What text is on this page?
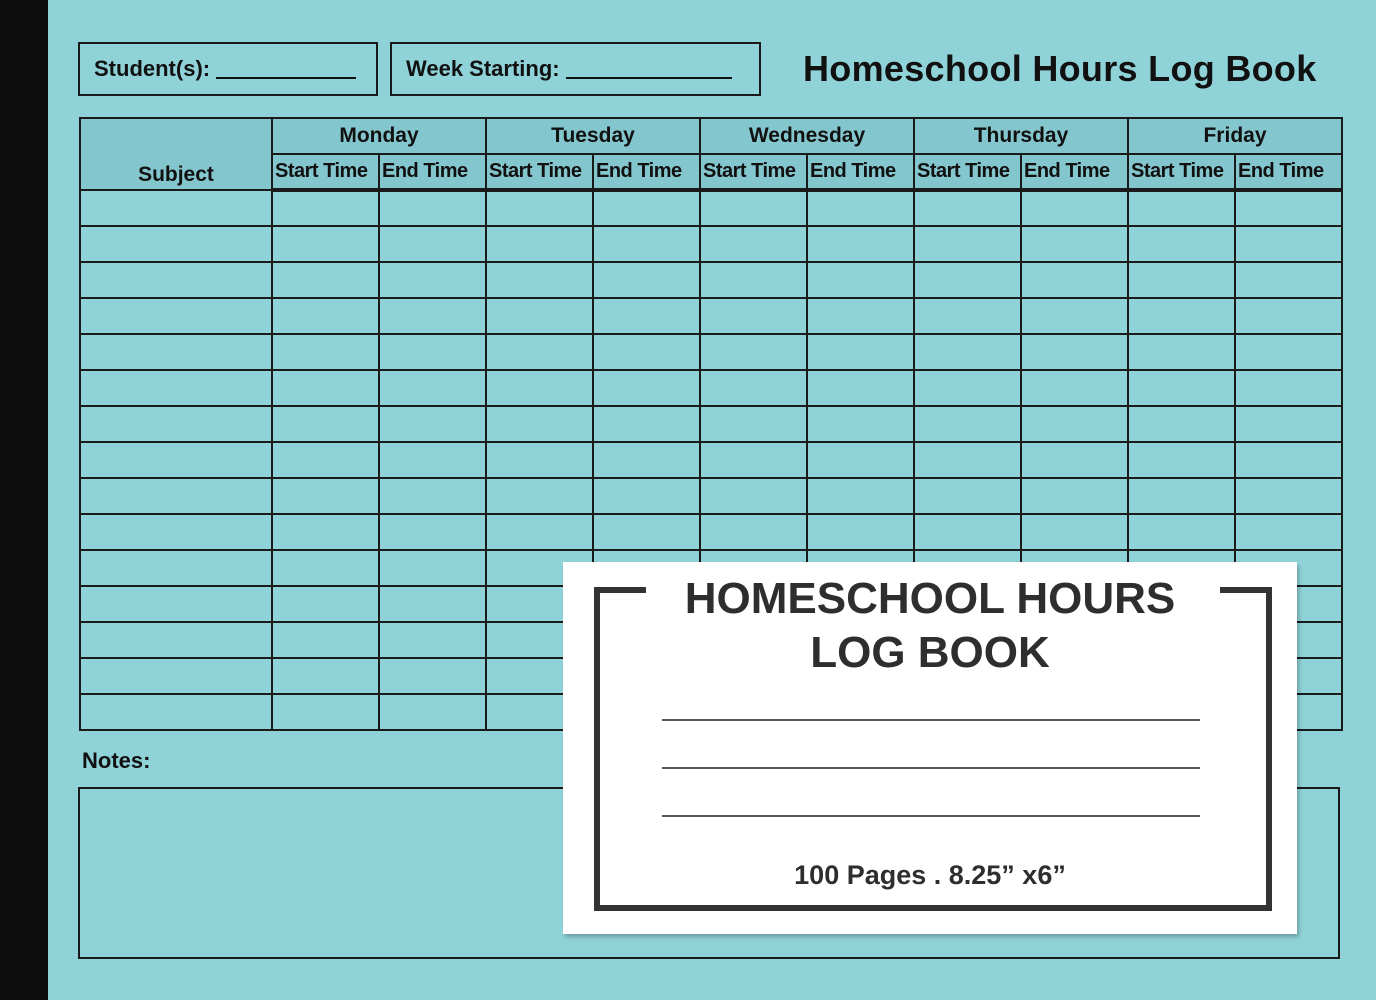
Student(s):	Week Starting:	Homeschool Hours Log Book
Subject	Monday		Tuesday		Wednesday		Thursday		Friday	
	Start Time	End Time	Start Time	End Time	Start Time	End Time	Start Time	End Time	Start Time	End Time

Notes:
HOMESCHOOL HOURS
LOG BOOK
100 Pages . 8.25” x6”
